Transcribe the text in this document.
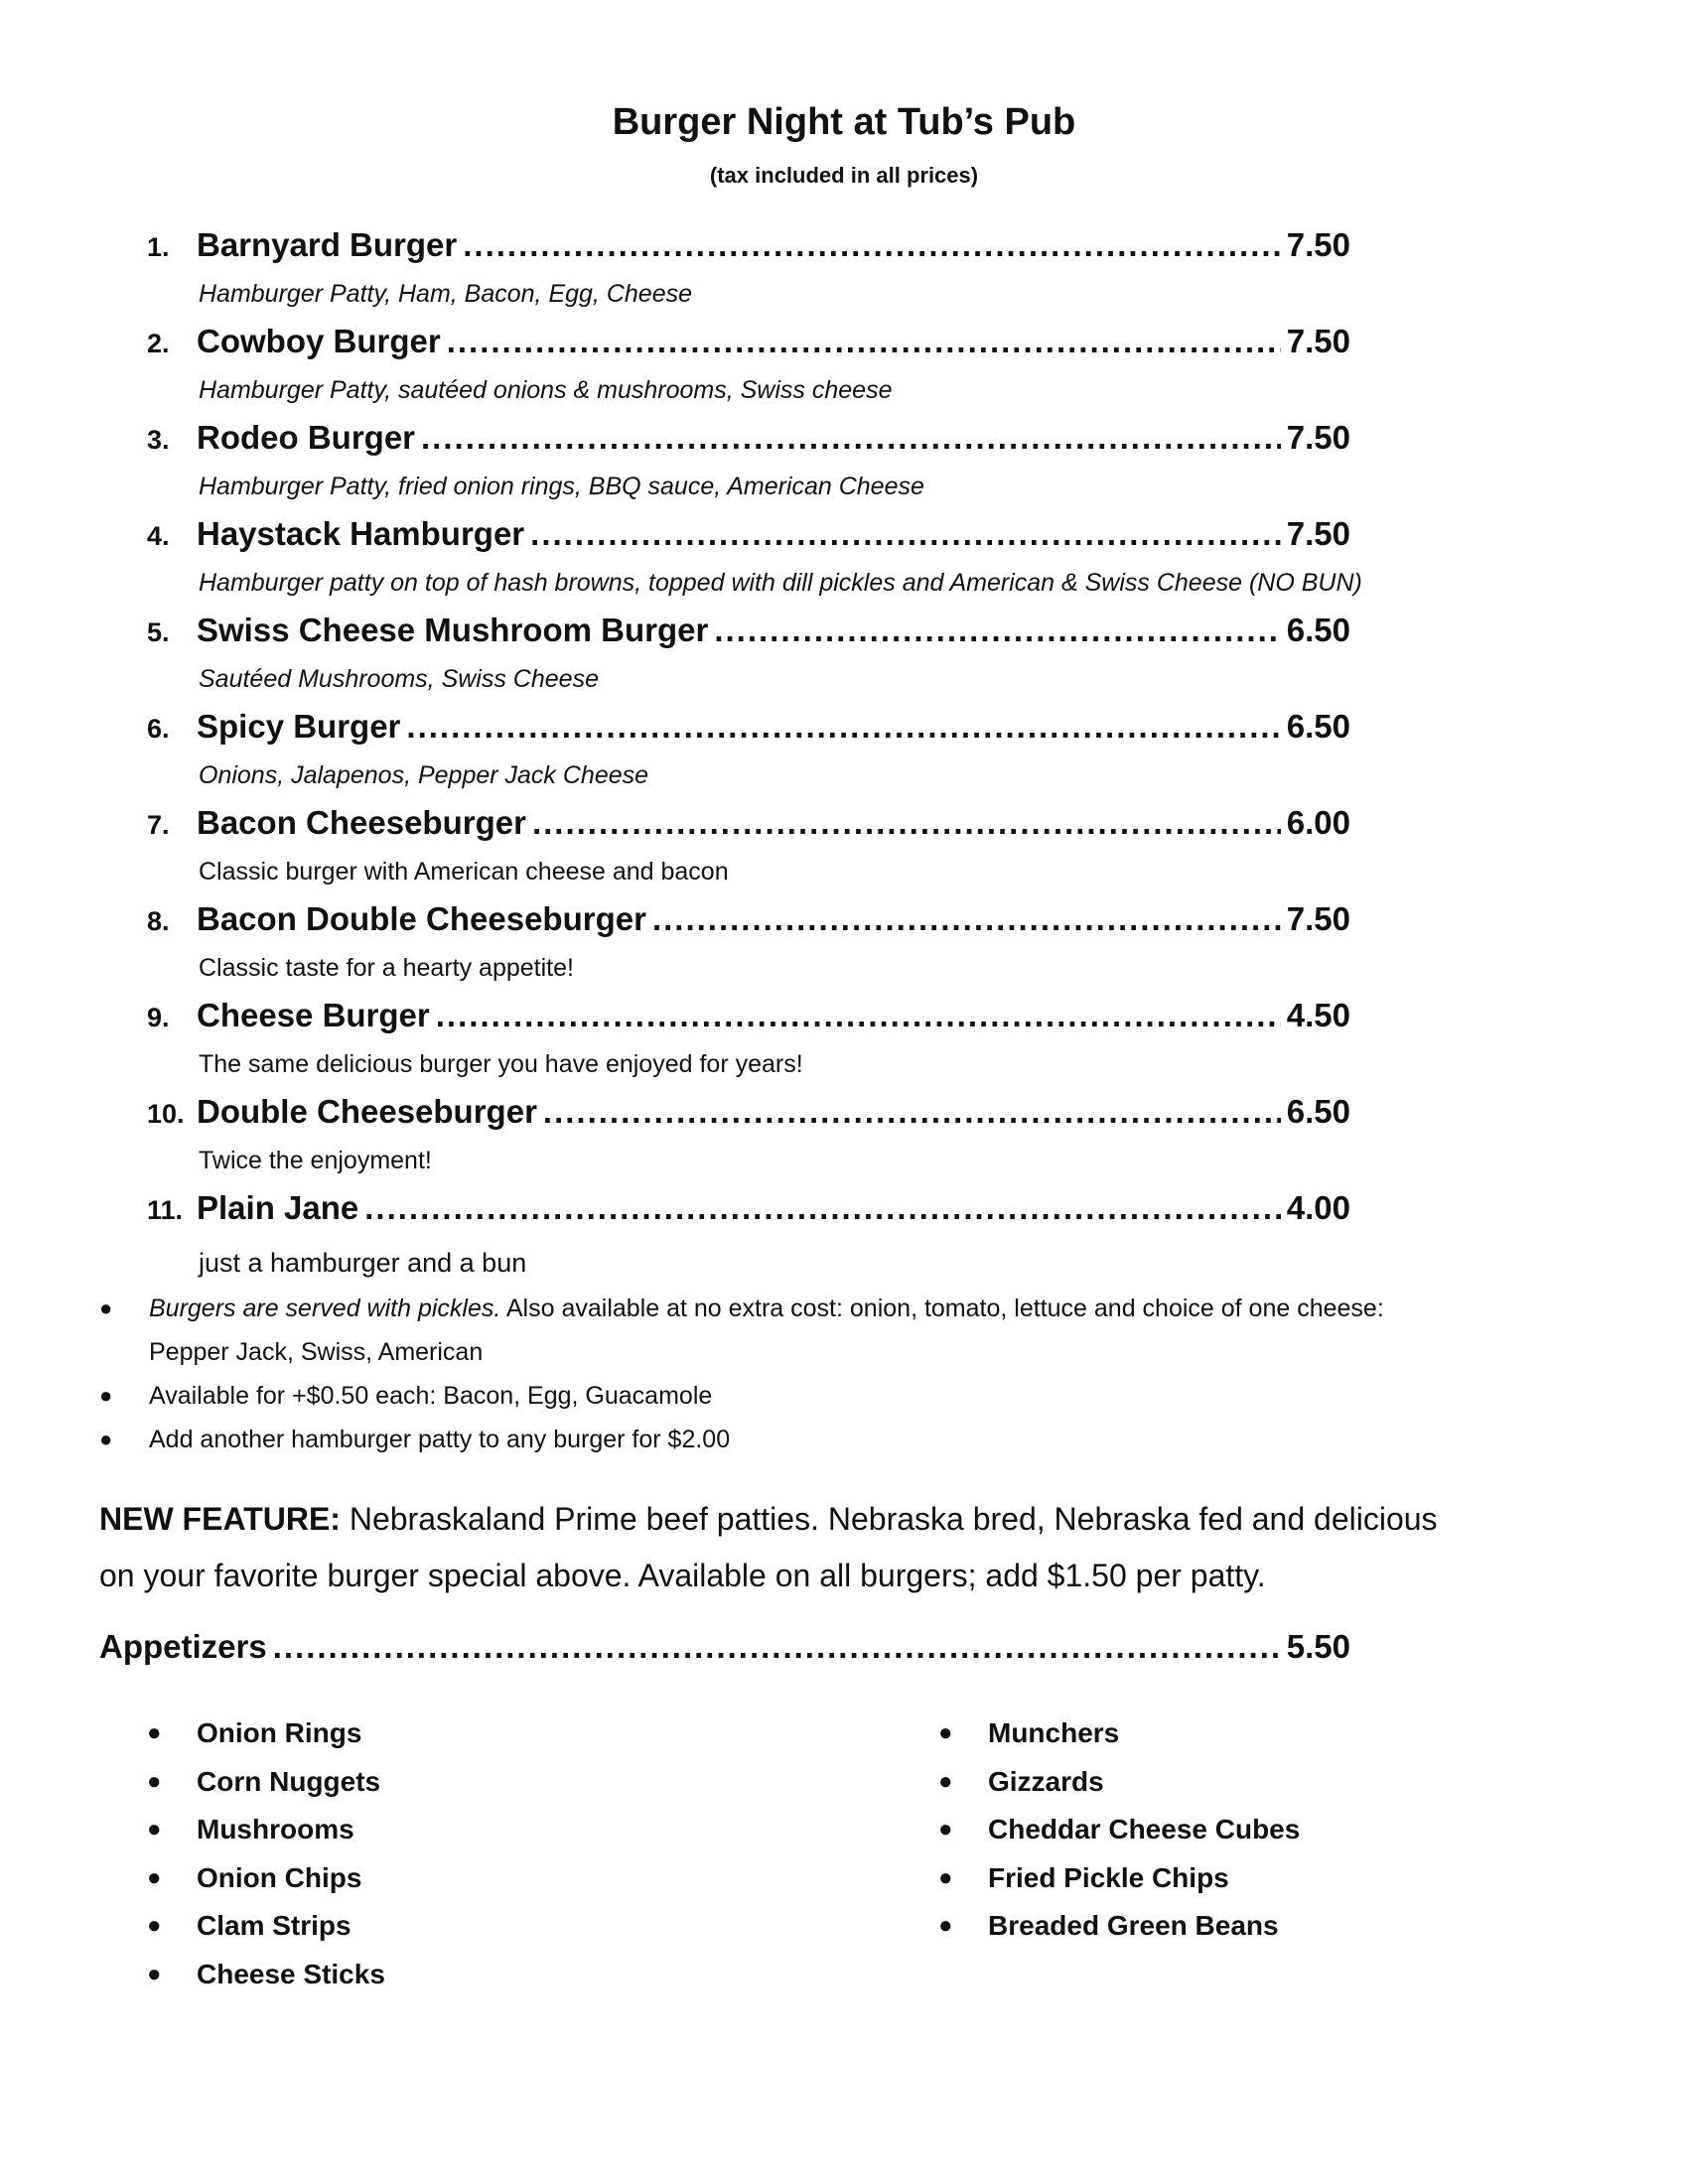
Burger Night at Tub’s Pub
(tax included in all prices)
1. Barnyard Burger .....	7.50
Hamburger Patty, Ham, Bacon, Egg, Cheese
2. Cowboy Burger .....	7.50
Hamburger Patty, sautéed onions & mushrooms, Swiss cheese
3. Rodeo Burger .....	7.50
Hamburger Patty, fried onion rings, BBQ sauce, American Cheese
4. Haystack Hamburger .....	7.50
Hamburger patty on top of hash browns, topped with dill pickles and American & Swiss Cheese (NO BUN)
5. Swiss Cheese Mushroom Burger .....	6.50
Sautéed Mushrooms, Swiss Cheese
6. Spicy Burger .....	6.50
Onions, Jalapenos, Pepper Jack Cheese
7. Bacon Cheeseburger .....	6.00
Classic burger with American cheese and bacon
8. Bacon Double Cheeseburger .....	7.50
Classic taste for a hearty appetite!
9. Cheese Burger .....	4.50
The same delicious burger you have enjoyed for years!
10. Double Cheeseburger .....	6.50
Twice the enjoyment!
11. Plain Jane .....	4.00
just a hamburger and a bun
●	Burgers are served with pickles. Also available at no extra cost: onion, tomato, lettuce and choice of one cheese:
Pepper Jack, Swiss, American
●	Available for +$0.50 each: Bacon, Egg, Guacamole
●	Add another hamburger patty to any burger for $2.00
NEW FEATURE: Nebraskaland Prime beef patties. Nebraska bred, Nebraska fed and delicious
on your favorite burger special above. Available on all burgers; add $1.50 per patty.
Appetizers .....	5.50
●	Onion Rings
●	Corn Nuggets
●	Mushrooms
●	Onion Chips
●	Clam Strips
●	Cheese Sticks
●	Munchers
●	Gizzards
●	Cheddar Cheese Cubes
●	Fried Pickle Chips
●	Breaded Green Beans
